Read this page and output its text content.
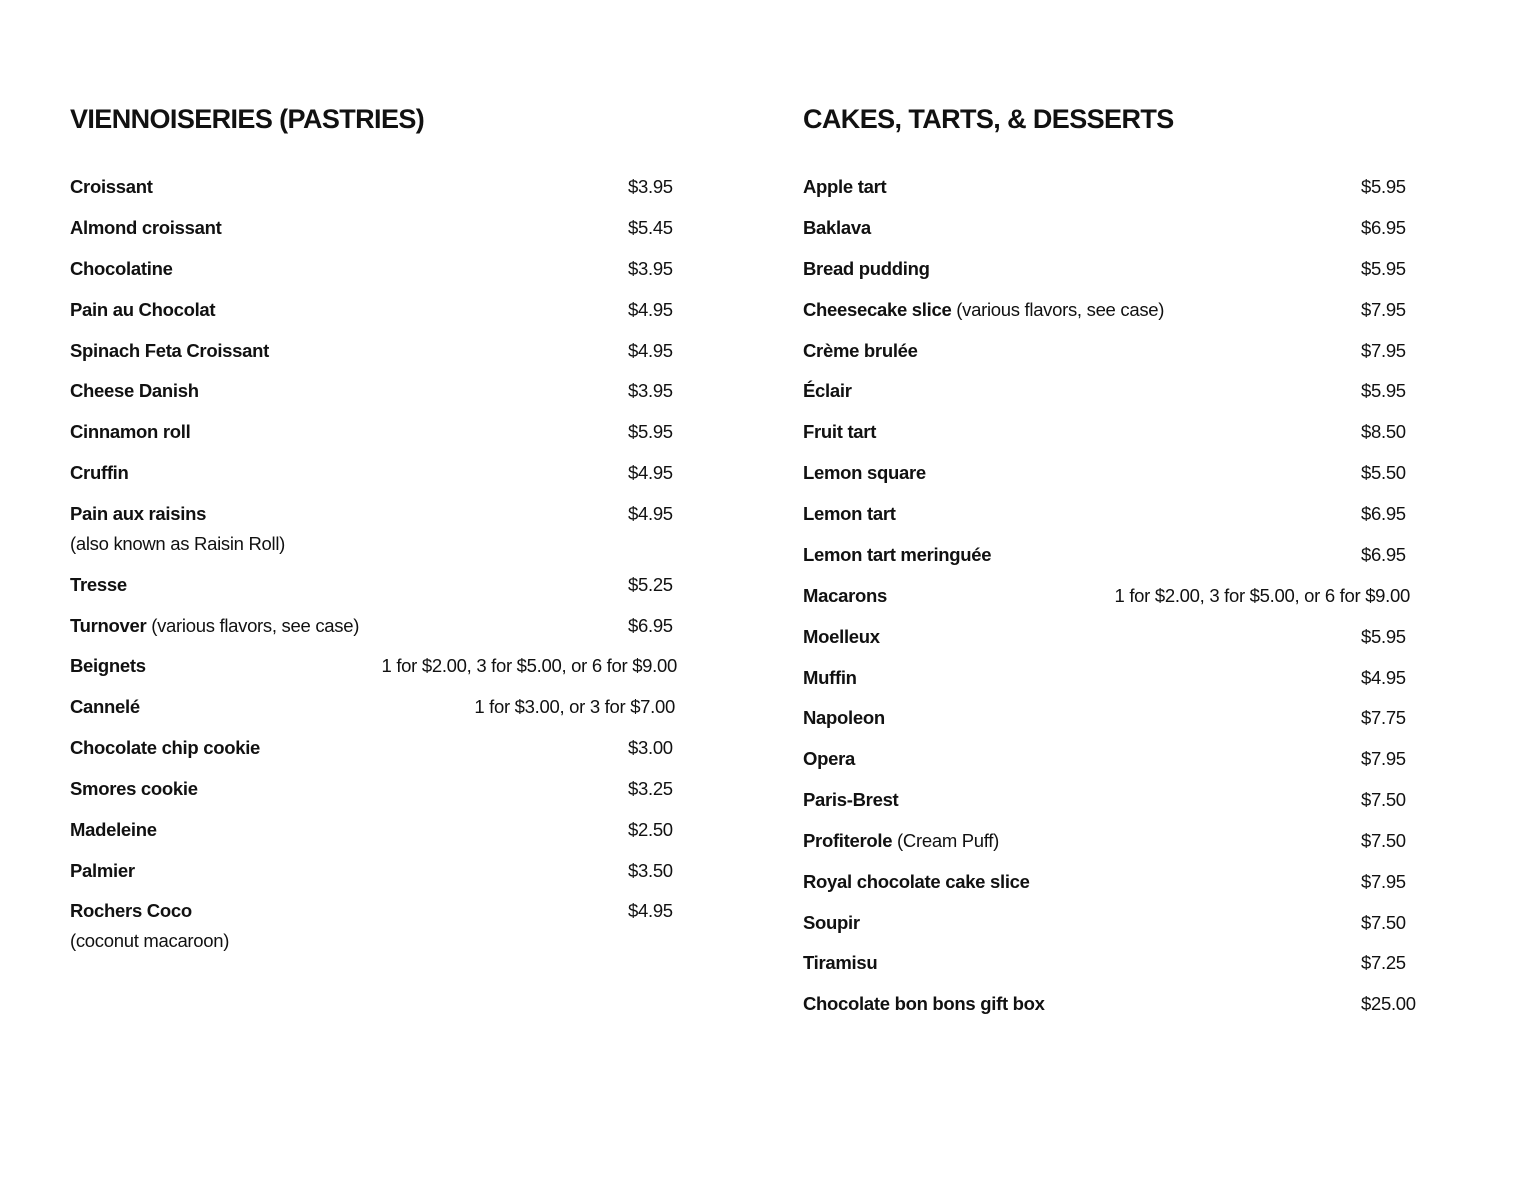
VIENNOISERIES (PASTRIES)
Croissant	$3.95
Almond croissant	$5.45
Chocolatine	$3.95
Pain au Chocolat	$4.95
Spinach Feta Croissant	$4.95
Cheese Danish	$3.95
Cinnamon roll	$5.95
Cruffin	$4.95
Pain aux raisins	$4.95
(also known as Raisin Roll)
Tresse	$5.25
Turnover (various flavors, see case)	$6.95
Beignets	1 for $2.00, 3 for $5.00, or 6 for $9.00
Cannelé	1 for $3.00, or 3 for $7.00
Chocolate chip cookie	$3.00
Smores cookie	$3.25
Madeleine	$2.50
Palmier	$3.50
Rochers Coco	$4.95
(coconut macaroon)
CAKES, TARTS, & DESSERTS
Apple tart	$5.95
Baklava	$6.95
Bread pudding	$5.95
Cheesecake slice (various flavors, see case)	$7.95
Crème brulée	$7.95
Éclair	$5.95
Fruit tart	$8.50
Lemon square	$5.50
Lemon tart	$6.95
Lemon tart meringuée	$6.95
Macarons	1 for $2.00, 3 for $5.00, or 6 for $9.00
Moelleux	$5.95
Muffin	$4.95
Napoleon	$7.75
Opera	$7.95
Paris-Brest	$7.50
Profiterole (Cream Puff)	$7.50
Royal chocolate cake slice	$7.95
Soupir	$7.50
Tiramisu	$7.25
Chocolate bon bons gift box	$25.00
